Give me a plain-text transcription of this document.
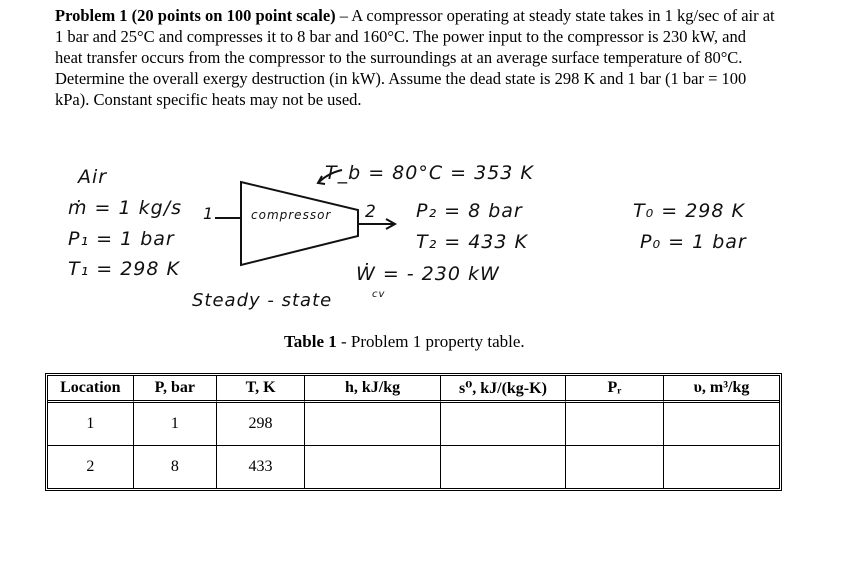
Problem 1 (20 points on 100 point scale) – A compressor operating at steady state takes in 1 kg/sec of air at 1 bar and 25°C and compresses it to 8 bar and 160°C. The power input to the compressor is 230 kW, and heat transfer occurs from the compressor to the surroundings at an average surface temperature of 80°C. Determine the overall exergy destruction (in kW). Assume the dead state is 298 K and 1 bar (1 bar = 100 kPa). Constant specific heats may not be used.

Air
ṁ = 1 kg/s
P₁ = 1 bar
T₁ = 298 K
1	compressor 2
T_b = 80°C = 353 K
P₂ = 8 bar
T₂ = 433 K
Ẇ = - 230 kW
cv
Steady - state
T₀ = 298 K
P₀ = 1 bar
Table 1 - Problem 1 property table.
Location	P, bar	T, K	h, kJ/kg	s⁰, kJ/(kg-K)	Pᵣ	υ, m³/kg
1	1	298				
2	8	433				
